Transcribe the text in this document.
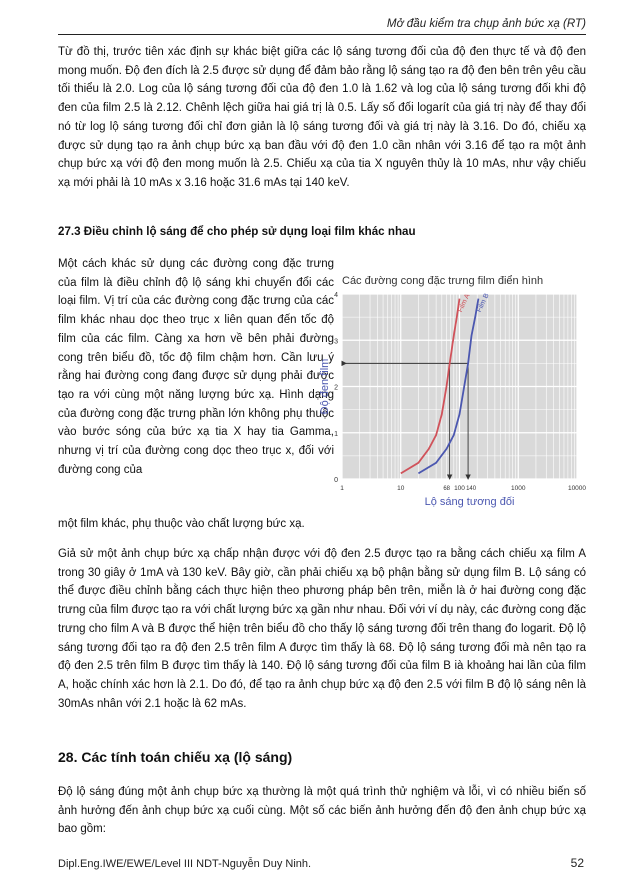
Mở đầu kiểm tra chụp ảnh bức xạ (RT)

Từ đồ thị, trước tiên xác định sự khác biệt giữa các lộ sáng tương đối của độ đen thực tế và độ đen mong muốn. Độ đen đích là 2.5 được sử dụng để đảm bảo rằng lộ sáng tạo ra độ đen bên trên yêu cầu tối thiểu là 2.0. Log của lộ sáng tương đối của độ đen 1.0 là 1.62 và log của lộ sáng tương đối khi độ đen của film 2.5 là 2.12. Chênh lệch giữa hai giá trị là 0.5. Lấy số đối logarít của giá trị này để thay đổi nó từ log lộ sáng tương đối chỉ đơn giản là lộ sáng tương đối và giá trị này là 3.16. Do đó, chiếu xạ được sử dụng tạo ra ảnh chụp bức xạ ban đầu với độ đen 1.0 cần nhân với 3.16 để tạo ra một ảnh chụp bức xạ với độ đen mong muốn là 2.5. Chiếu xạ của tia X nguyên thủy là 10 mAs, như vậy chiếu xạ mới phải là 10 mAs x 3.16 hoặc 31.6 mAs tại 140 keV.

27.3 Điều chỉnh lộ sáng để cho phép sử dụng loại film khác nhau

Một cách khác sử dụng các đường cong đặc trưng của film là điều chỉnh độ lộ sáng khi chuyển đổi các loại film. Vị trí của các đường cong đặc trưng của các film khác nhau dọc theo trục x liên quan đến tốc độ film của các film. Càng xa hơn về bên phải đường cong trên biểu đồ, tốc độ film chậm hơn. Cần lưu ý rằng hai đường cong đang được sử dụng phải được tạo ra với cùng một năng lượng bức xạ. Hình dạng của đường cong đặc trưng phần lớn không phụ thuộc vào bước sóng của bức xạ tia X hay tia Gamma, nhưng vị trí của đường cong dọc theo trục x, đối với đường cong của

Các đường cong đặc trưng film điển hình
1	10	100	1000	10000
0
1
2
3
4
Lộ sáng tương đối
Độ đen film
68	140
Film A Film B

một film khác, phụ thuộc vào chất lượng bức xạ.

Giả sử một ảnh chụp bức xạ chấp nhận được với độ đen 2.5 được tạo ra bằng cách chiếu xạ film A trong 30 giây ở 1mA và 130 keV. Bây giờ, cần phải chiếu xạ bộ phận bằng sử dụng film B. Lộ sáng có thể được điều chỉnh bằng cách thực hiện theo phương pháp bên trên, miễn là ở hai đường cong đặc trưng của film được tạo ra với chất lượng bức xạ gần như nhau. Đối với ví dụ này, các đường cong đặc trưng cho film A và B được thể hiện trên biểu đồ cho thấy lộ sáng tương đối trên thang đo logarit. Độ lộ sáng tương đối tạo ra độ đen 2.5 trên film A được tìm thấy là 68. Độ lộ sáng tương đối mà nên tạo ra độ đen 2.5 trên film B được tìm thấy là 140. Độ lộ sáng tương đối của film B ià khoảng hai lần của film A, hoặc chính xác hơn là 2.1. Do đó, để tạo ra ảnh chụp bức xạ độ đen 2.5 với film B độ lộ sáng nên là 30mAs nhân với 2.1 hoặc là 62 mAs.

28. Các tính toán chiếu xạ (lộ sáng)

Độ lộ sáng đúng một ảnh chụp bức xạ thường là một quá trình thử nghiệm và lỗi, vì có nhiều biến số ảnh hưởng đến ảnh chụp bức xạ cuối cùng. Một số các biến ảnh hưởng đến độ đen ảnh chụp bức xạ bao gồm:

Dipl.Eng.IWE/EWE/Level III NDT-Nguyễn Duy Ninh.	52
